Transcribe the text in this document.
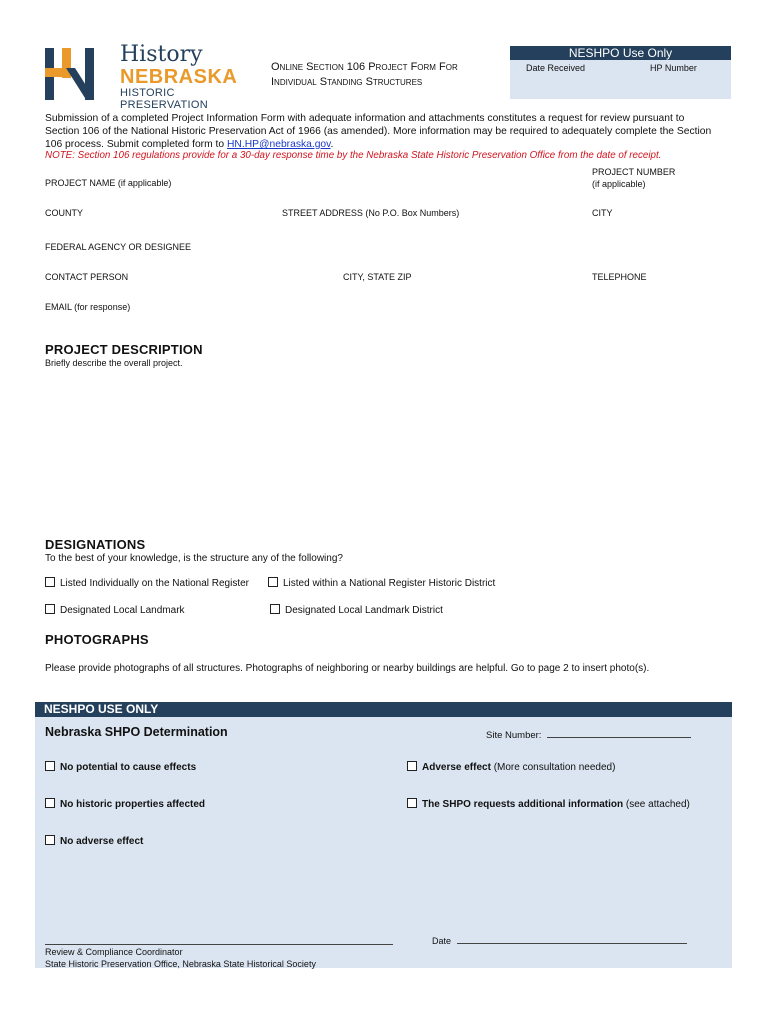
History
NEBRASKA
HISTORIC PRESERVATION
Online Section 106 Project Form For
Individual Standing Structures
NESHPO Use Only
Date Received	HP Number
Submission of a completed Project Information Form with adequate information and attachments constitutes a request for review pursuant to Section 106 of the National Historic Preservation Act of 1966 (as amended). More information may be required to adequately complete the Section 106 process. Submit completed form to HN.HP@nebraska.gov.
NOTE: Section 106 regulations provide for a 30-day response time by the Nebraska State Historic Preservation Office from the date of receipt.
PROJECT NAME (if applicable)
PROJECT NUMBER
(if applicable)
COUNTY	STREET ADDRESS (No P.O. Box Numbers)	CITY
FEDERAL AGENCY OR DESIGNEE
CONTACT PERSON	CITY, STATE ZIP	TELEPHONE
EMAIL (for response)
PROJECT DESCRIPTION
Briefly describe the overall project.
DESIGNATIONS
To the best of your knowledge, is the structure any of the following?
Listed Individually on the National Register	Listed within a National Register Historic District
Designated Local Landmark	Designated Local Landmark District
PHOTOGRAPHS
Please provide photographs of all structures. Photographs of neighboring or nearby buildings are helpful. Go to page 2 to insert photo(s).
NESHPO USE ONLY
Nebraska SHPO Determination	Site Number:
No potential to cause effects	Adverse effect (More consultation needed)
No historic properties affected	The SHPO requests additional information (see attached)
No adverse effect
Date
Review & Compliance Coordinator
State Historic Preservation Office, Nebraska State Historical Society
